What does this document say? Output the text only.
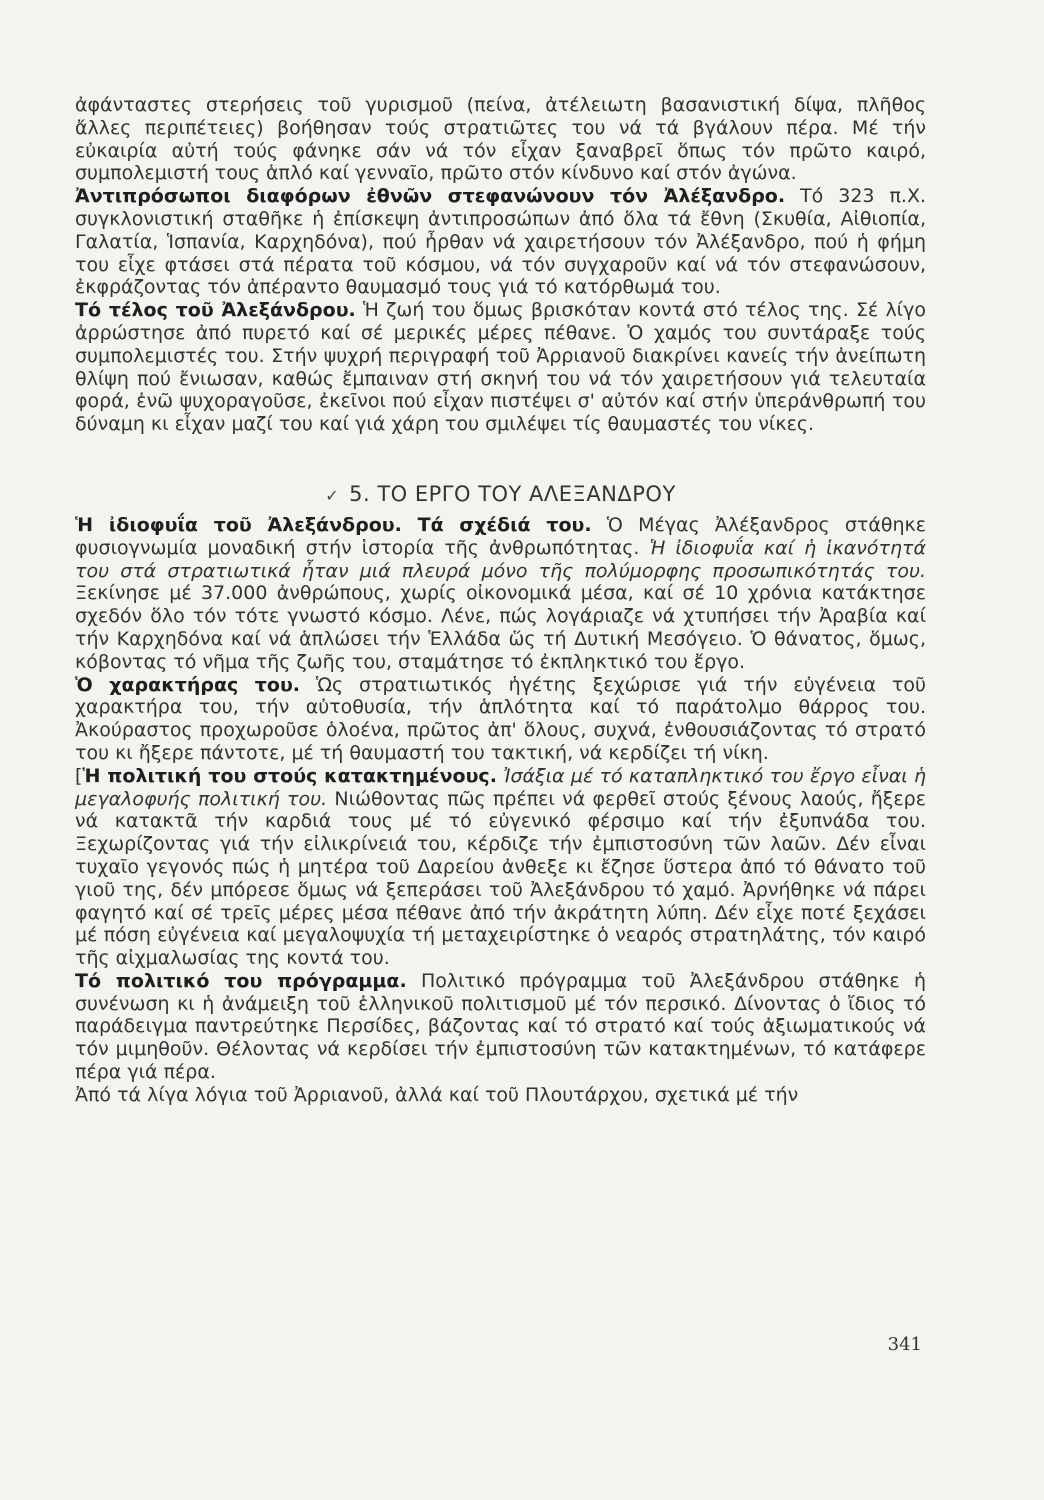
ἀφάνταστες στερήσεις τοῦ γυρισμοῦ (πείνα, ἀτέλειωτη βασανιστική δίψα, πλῆθος ἄλλες περιπέτειες) βοήθησαν τούς στρατιῶτες του νά τά βγάλουν πέρα. Μέ τήν εὐκαιρία αὐτή τούς φάνηκε σάν νά τόν εἶχαν ξαναβρεῖ ὅπως τόν πρῶτο καιρό, συμπολεμιστή τους ἁπλό καί γενναῖο, πρῶτο στόν κίνδυνο καί στόν ἀγώνα.

Ἀντιπρόσωποι διαφόρων ἐθνῶν στεφανώνουν τόν Ἀλέξανδρο. Τό 323 π.Χ. συγκλονιστική σταθῆκε ἡ ἐπίσκεψη ἀντιπροσώπων ἀπό ὅλα τά ἔθνη (Σκυθία, Αἰθιοπία, Γαλατία, Ἱσπανία, Καρχηδόνα), πού ἦρθαν νά χαιρετήσουν τόν Ἀλέξανδρο, πού ἡ φήμη του εἶχε φτάσει στά πέρατα τοῦ κόσμου, νά τόν συγχαροῦν καί νά τόν στεφανώσουν, ἐκφράζοντας τόν ἀπέραντο θαυμασμό τους γιά τό κατόρθωμά του.

Τό τέλος τοῦ Ἀλεξάνδρου. Ἡ ζωή του ὅμως βρισκόταν κοντά στό τέλος της. Σέ λίγο ἀρρώστησε ἀπό πυρετό καί σέ μερικές μέρες πέθανε. Ὁ χαμός του συντάραξε τούς συμπολεμιστές του. Στήν ψυχρή περιγραφή τοῦ Ἀρριανοῦ διακρίνει κανείς τήν ἀνείπωτη θλίψη πού ἔνιωσαν, καθώς ἔμπαιναν στή σκηνή του νά τόν χαιρετήσουν γιά τελευταία φορά, ἐνῶ ψυχοραγοῦσε, ἐκεῖνοι πού εἶχαν πιστέψει σ' αὐτόν καί στήν ὑπεράνθρωπή του δύναμη κι εἶχαν μαζί του καί γιά χάρη του σμιλέψει τίς θαυμαστές του νίκες.

✓ 5. ΤΟ ΕΡΓΟ ΤΟΥ ΑΛΕΞΑΝΔΡΟΥ

Ἡ ἰδιοφυΐα τοῦ Ἀλεξάνδρου. Τά σχέδιά του. Ὁ Μέγας Ἀλέξανδρος στάθηκε φυσιογνωμία μοναδική στήν ἱστορία τῆς ἀνθρωπότητας. Ἡ ἰδιοφυΐα καί ἡ ἱκανότητά του στά στρατιωτικά ἦταν μιά πλευρά μόνο τῆς πολύμορφης προσωπικότητάς του. Ξεκίνησε μέ 37.000 ἀνθρώπους, χωρίς οἰκονομικά μέσα, καί σέ 10 χρόνια κατάκτησε σχεδόν ὅλο τόν τότε γνωστό κόσμο. Λένε, πώς λογάριαζε νά χτυπήσει τήν Ἀραβία καί τήν Καρχηδόνα καί νά ἁπλώσει τήν Ἑλλάδα ὥς τή Δυτική Μεσόγειο. Ὁ θάνατος, ὅμως, κόβοντας τό νῆμα τῆς ζωῆς του, σταμάτησε τό ἐκπληκτικό του ἔργο.

Ὁ χαρακτήρας του. Ὡς στρατιωτικός ἡγέτης ξεχώρισε γιά τήν εὐγένεια τοῦ χαρακτήρα του, τήν αὐτοθυσία, τήν ἁπλότητα καί τό παράτολμο θάρρος του. Ἀκούραστος προχωροῦσε ὁλοένα, πρῶτος ἀπ' ὅλους, συχνά, ἐνθουσιάζοντας τό στρατό του κι ἤξερε πάντοτε, μέ τή θαυμαστή του τακτική, νά κερδίζει τή νίκη.

[Ἡ πολιτική του στούς κατακτημένους. Ἰσάξια μέ τό καταπληκτικό του ἔργο εἶναι ἡ μεγαλοφυής πολιτική του. Νιώθοντας πῶς πρέπει νά φερθεῖ στούς ξένους λαούς, ἤξερε νά κατακτᾶ τήν καρδιά τους μέ τό εὐγενικό φέρσιμο καί τήν ἐξυπνάδα του. Ξεχωρίζοντας γιά τήν εἰλικρίνειά του, κέρδιζε τήν ἐμπιστοσύνη τῶν λαῶν. Δέν εἶναι τυχαῖο γεγονός πώς ἡ μητέρα τοῦ Δαρείου ἀνθεξε κι ἔζησε ὕστερα ἀπό τό θάνατο τοῦ γιοῦ της, δέν μπόρεσε ὅμως νά ξεπεράσει τοῦ Ἀλεξάνδρου τό χαμό. Ἀρνήθηκε νά πάρει φαγητό καί σέ τρεῖς μέρες μέσα πέθανε ἀπό τήν ἀκράτητη λύπη. Δέν εἶχε ποτέ ξεχάσει μέ πόση εὐγένεια καί μεγαλοψυχία τή μεταχειρίστηκε ὁ νεαρός στρατηλάτης, τόν καιρό τῆς αἰχμαλωσίας της κοντά του.

Τό πολιτικό του πρόγραμμα. Πολιτικό πρόγραμμα τοῦ Ἀλεξάνδρου στάθηκε ἡ συνένωση κι ἡ ἀνάμειξη τοῦ ἑλληνικοῦ πολιτισμοῦ μέ τόν περσικό. Δίνοντας ὁ ἴδιος τό παράδειγμα παντρεύτηκε Περσίδες, βάζοντας καί τό στρατό καί τούς ἀξιωματικούς νά τόν μιμηθοῦν. Θέλοντας νά κερδίσει τήν ἐμπιστοσύνη τῶν κατακτημένων, τό κατάφερε πέρα γιά πέρα.

Ἀπό τά λίγα λόγια τοῦ Ἀρριανοῦ, ἀλλά καί τοῦ Πλουτάρχου, σχετικά μέ τήν

341
